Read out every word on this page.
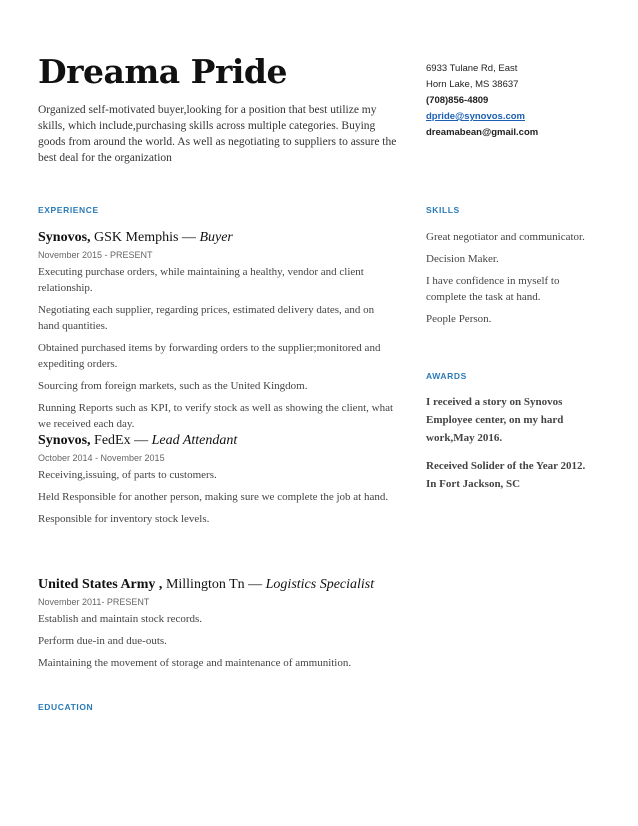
Dreama Pride
Organized self-motivated buyer,looking for a position that best utilize my skills, which include,purchasing skills across multiple categories. Buying goods from around the world. As well as negotiating to suppliers to assure the best deal for the organization
6933 Tulane Rd, East
Horn Lake, MS 38637
(708)856-4809
dpride@synovos.com
dreamabean@gmail.com
EXPERIENCE	SKILLS
AWARDS
EDUCATION
Synovos, GSK Memphis — Buyer
November 2015 - PRESENT

Executing purchase orders, while maintaining a healthy, vendor and client relationship.

Negotiating each supplier, regarding prices, estimated delivery dates, and on hand quantities.

Obtained purchased items by forwarding orders to the supplier;monitored and expediting orders.

Sourcing from foreign markets, such as the United Kingdom.

Running Reports such as KPI, to verify stock as well as showing the client, what we received each day.

Synovos, FedEx — Lead Attendant
October 2014 - November 2015

Receiving,issuing, of parts to customers.

Held Responsible for another person, making sure we complete the job at hand.

Responsible for inventory stock levels.

United States Army , Millington Tn — Logistics Specialist
November 2011- PRESENT

Establish and maintain stock records.

Perform due-in and due-outs.

Maintaining the movement of storage and maintenance of ammunition.

Great negotiator and communicator.

Decision Maker.

I have confidence in myself to complete the task at hand.

People Person.

I received a story on Synovos Employee center, on my hard work,May 2016.

Received Solider of the Year 2012. In Fort Jackson, SC
